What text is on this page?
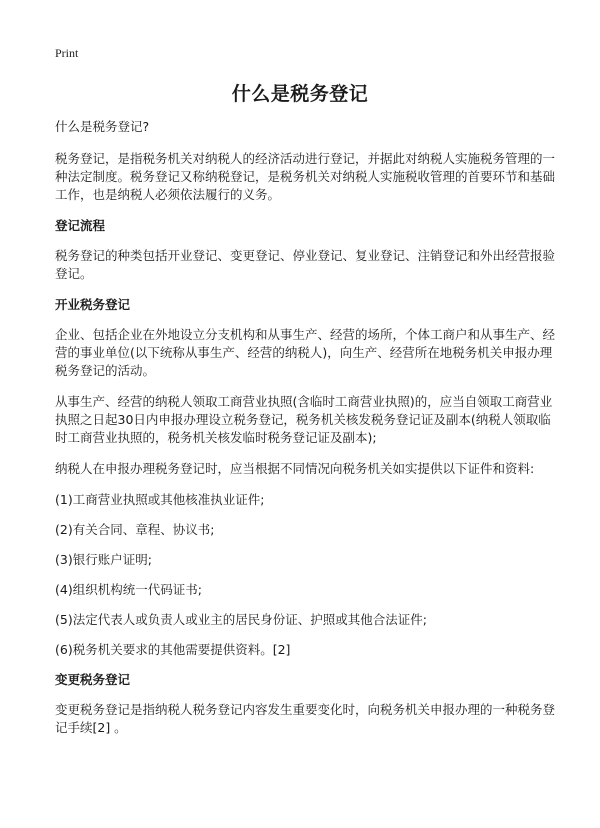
Print
什么是税务登记

什么是税务登记?

税务登记，是指税务机关对纳税人的经济活动进行登记，并据此对纳税人实施税务管理的一种法定制度。税务登记又称纳税登记，是税务机关对纳税人实施税收管理的首要环节和基础工作，也是纳税人必须依法履行的义务。

登记流程

税务登记的种类包括开业登记、变更登记、停业登记、复业登记、注销登记和外出经营报验登记。

开业税务登记

企业、包括企业在外地设立分支机构和从事生产、经营的场所，个体工商户和从事生产、经营的事业单位(以下统称从事生产、经营的纳税人)，向生产、经营所在地税务机关申报办理税务登记的活动。

从事生产、经营的纳税人领取工商营业执照(含临时工商营业执照)的，应当自领取工商营业执照之日起30日内申报办理设立税务登记，税务机关核发税务登记证及副本(纳税人领取临时工商营业执照的，税务机关核发临时税务登记证及副本);

纳税人在申报办理税务登记时，应当根据不同情况向税务机关如实提供以下证件和资料:

(1)工商营业执照或其他核准执业证件;

(2)有关合同、章程、协议书;

(3)银行账户证明;

(4)组织机构统一代码证书;

(5)法定代表人或负责人或业主的居民身份证、护照或其他合法证件;

(6)税务机关要求的其他需要提供资料。[2]

变更税务登记

变更税务登记是指纳税人税务登记内容发生重要变化时，向税务机关申报办理的一种税务登记手续[2] 。
